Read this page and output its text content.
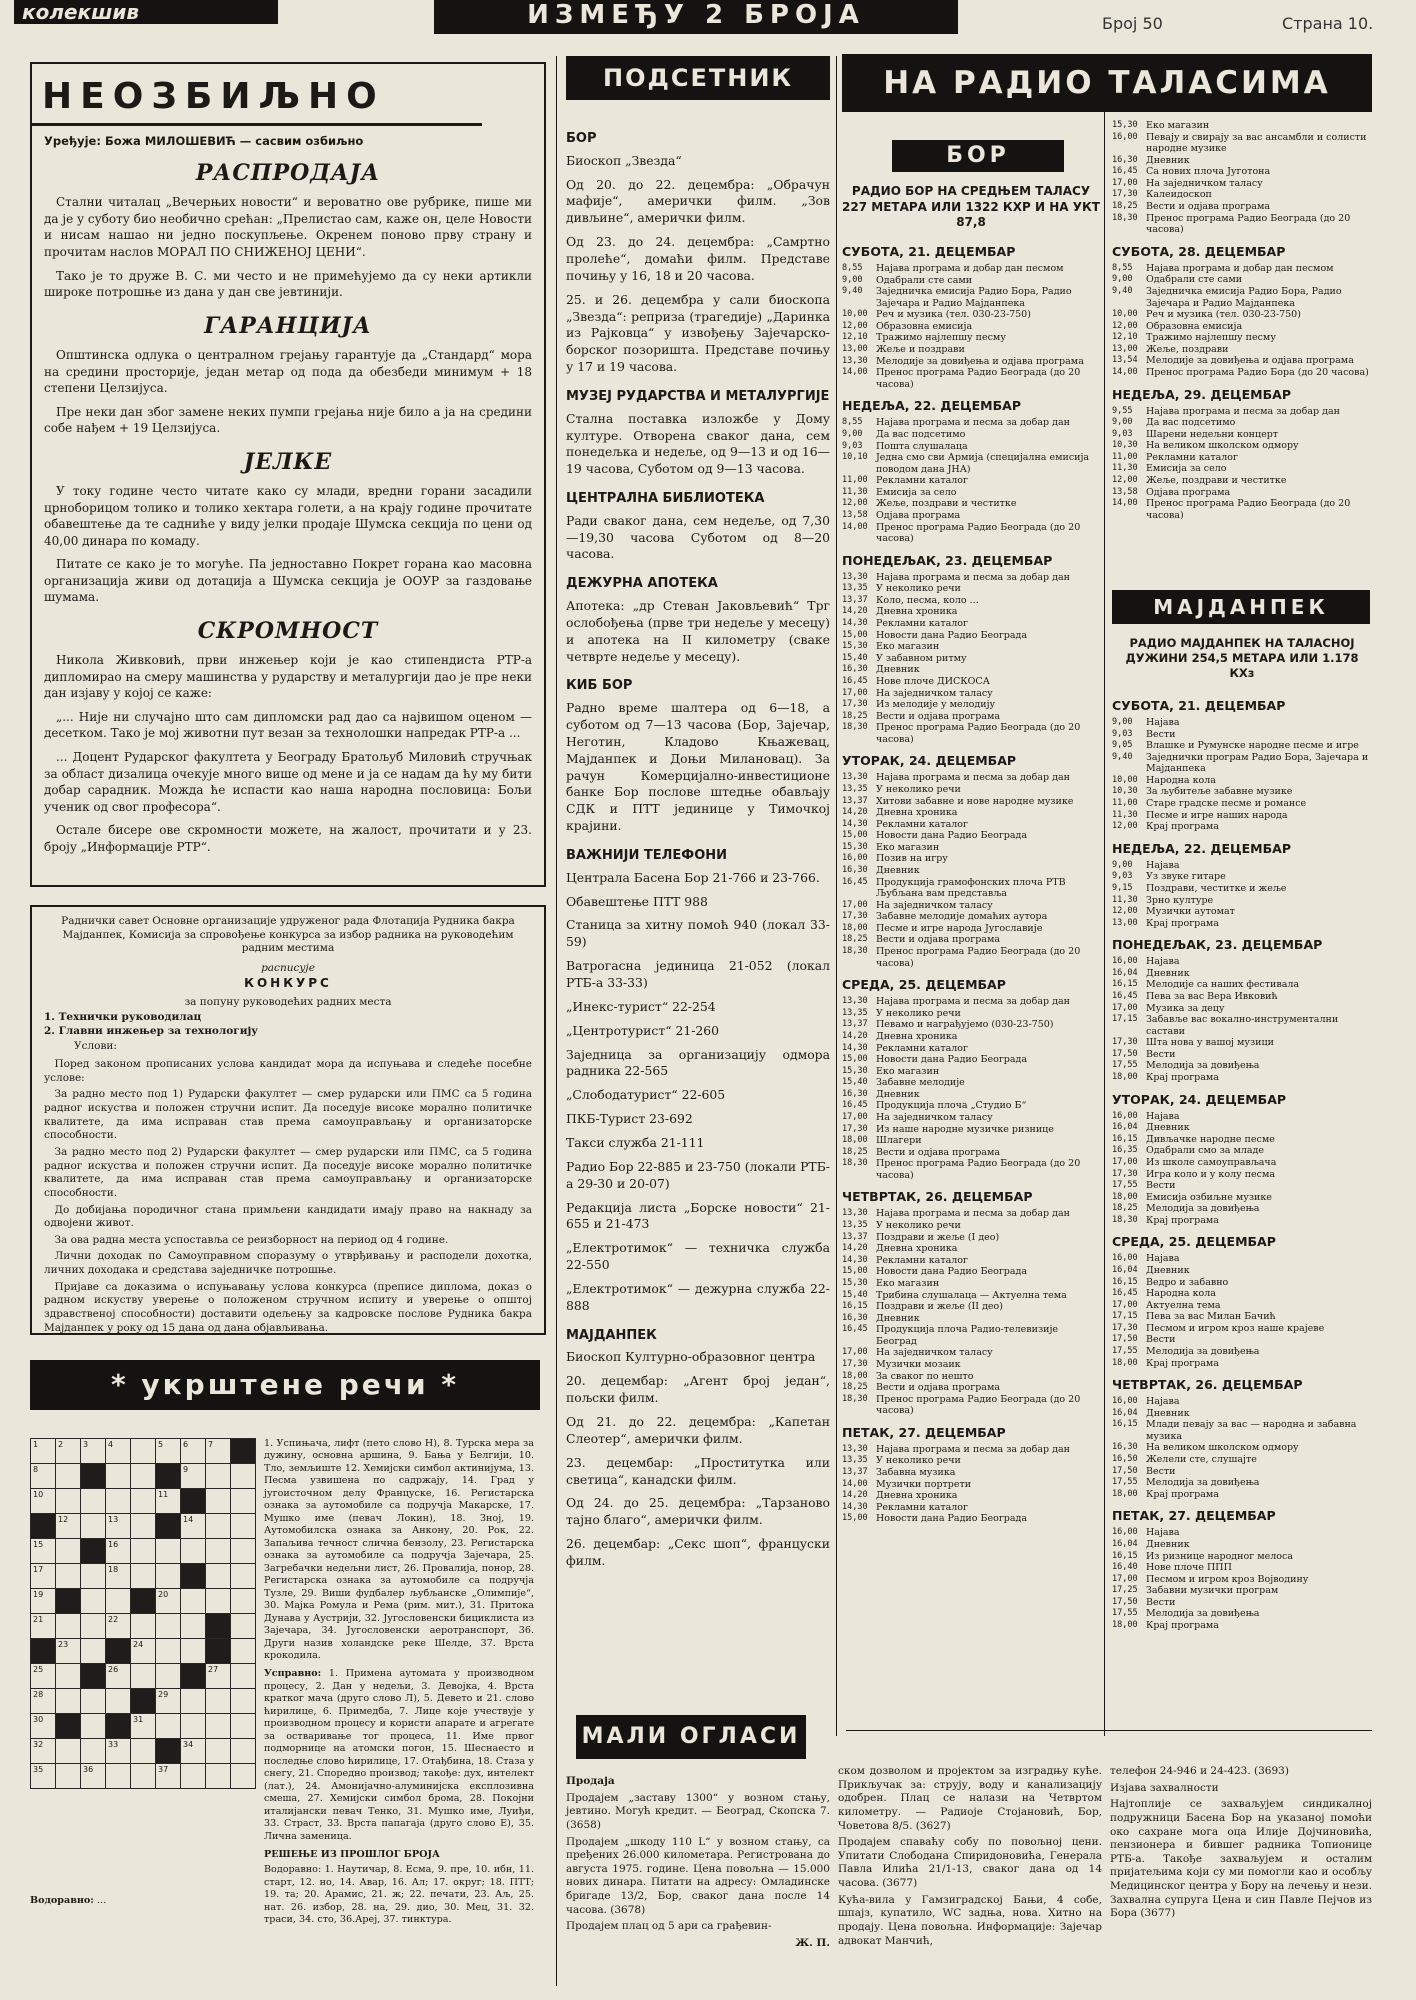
колекшив	ИЗМЕЂУ 2 БРОЈА	Број 50	Страна 10.
НЕОЗБИЉНО
Уређује: Божа МИЛОШЕВИЋ — сасвим озбиљно
РАСПРОДАЈА

 Стални читалац „Вечерњих новости“ и вероватно ове рубрике, пише ми да је у суботу био необично срећан: „Прелистао сам, каже он, целе Новости и нисам нашао ни једно поскупљење. Окренем поново прву страну и прочитам наслов МОРАЛ ПО СНИЖЕНОЈ ЦЕНИ“.

 Тако је то друже В. С. ми често и не примећујемо да су неки артикли широке потрошње из дана у дан све јевтинији.

ГАРАНЦИЈА

 Општинска одлука о централном грејању гарантује да „Стандард“ мора на средини просторије, један метар од пода да обезбеди минимум + 18 степени Целзијуса.

 Пре неки дан због замене неких пумпи грејања није било а ја на средини собе нађем + 19 Целзијуса.

ЈЕЛКЕ

 У току године често читате како су млади, вредни горани засадили црноборицом толико и толико хектара голети, а на крају године прочитате обавештење да те садниће у виду јелки продаје Шумска секција по цени од 40,00 динара по комаду.

 Питате се како је то могуће. Па једноставно Покрет горана као масовна организација живи од дотација а Шумска секција је ООУР за газдовање шумама.

СКРОМНОСТ

 Никола Живковић, први инжењер који је као стипендиста РТР-а дипломирао на смеру машинства у рударству и металургији дао је пре неки дан изјаву у којој се каже:

 „... Није ни случајно што сам дипломски рад дао са највишом оценом — десетком. Тако је мој животни пут везан за технолошки напредак РТР-а ...

 ... Доцент Рударског факултета у Београду Братољуб Миловић стручњак за област дизалица очекује много више од мене и ја се надам да ћу му бити добар сарадник. Можда ће испасти као наша народна пословица: Бољи ученик од свог професора“.

 Остале бисере ове скромности можете, на жалост, прочитати и у 23. броју „Информације РТР“.

Раднички савет Основне организације удруженог рада Флотација Рудника бакра Мајданпек, Комисија за спровођење конкурса за избор радника на руководећим радним местима
расписује
КОНКУРС
за попуну руководећих радних места
1. Технички руководилац
2. Главни инжењер за технологију
Услови:

 Поред законом прописаних услова кандидат мора да испуњава и следеће посебне услове:

 За радно место под 1) Рударски факултет — смер рударски или ПМС са 5 година радног искуства и положен стручни испит. Да поседује високе морално политичке квалитете, да има исправан став према самоуправљању и организаторске способности.

 За радно место под 2) Рударски факултет — смер рударски или ПМС, са 5 година радног искуства и положен стручни испит. Да поседује високе морално политичке квалитете, да има исправан став према самоуправљању и организаторске способности.

 До добијања породичног стана примљени кандидати имају право на накнаду за одвојени живот.

 За ова радна места успоставља се реизборност на период од 4 године.

 Лични доходак по Самоуправном споразуму о утврђивању и расподели дохотка, личних доходака и средстава заједничке потрошње.

 Пријаве са доказима о испуњавању услова конкурса (преписе диплома, доказ о радном искуству уверење о положеном стручном испиту и уверење о општој здравственој способности) доставити одељењу за кадровске послове Рудника бакра Мајданпек у року од 15 дана од дана објављивања.

* укрштене речи *
1	2	3	4		5	6	7	

8						9		

10					11			

	12		13			14		

15			16					

17			18					

19					20			

21			22					

	23			24				

25			26				27	

28					29			

30				31				

32			33			34		

35		36			37			

1. Успињача, лифт (пето слово Н), 8. Турска мера за дужину, основна аршина, 9. Бања у Белгији, 10. Тло, земљиште 12. Хемијски симбол актинијума, 13. Песма узвишена по садржају, 14. Град у југоисточном делу Француске, 16. Регистарска ознака за аутомобиле са подручја Макарске, 17. Мушко име (певач Локин), 18. Зној, 19. Аутомобилска ознака за Анкону, 20. Рок, 22. Запаљива течност слична бензолу, 23. Регистарска ознака за аутомобиле са подручја Зајечара, 25. Загребачки недељни лист, 26. Провалија, понор, 28. Регистарска ознака за аутомобиле са подручја Тузле, 29. Виши фудбалер љубљанске „Олимпије“, 30. Мајка Ромула и Рема (рим. мит.), 31. Притока Дунава у Аустрији, 32. Југословенски бициклиста из Зајечара, 34. Југословенски аеротранспорт, 36. Други назив холандске реке Шелде, 37. Врста крокодила.

Усправно: 1. Примена аутомата у производном процесу, 2. Дан у недељи, 3. Девојка, 4. Врста кратког мача (друго слово Л), 5. Девето и 21. слово ћирилице, 6. Примедба, 7. Лице које учествује у производном процесу и користи апарате и агрегате за остваривање тог процеса, 11. Име првог подморнице на атомски погон, 15. Шеснаесто и последње слово ћирилице, 17. Отађбина, 18. Стаза у снегу, 21. Спореднo производ; такође: дух, интелект (лат.), 24. Амонијачно-алуминијска експлозивна смеша, 27. Хемијски симбол брома, 28. Покојни италијански певач Тенко, 31. Мушко име, Луиђи, 33. Страст, 33. Врста папагаја (друго слово Е), 35. Лична заменица.

РЕШЕЊЕ ИЗ ПРОШЛОГ БРОЈА

Водоравно: 1. Наутичар, 8. Есма, 9. пре, 10. ибн, 11. старт, 12. но, 14. Авар, 16. Ал; 17. округ; 18. ПТТ; 19. та; 20. Арамис, 21. ж; 22. печати, 23. Аљ, 25. нат. 26. избор, 28. на, 29. дио, 30. Мец, 31. 32. траси, 34. сто, 36.Ареј, 37. тинктура.

Водоравно: …
ПОДСЕТНИК
БОР

Биоскоп „Звезда“

Од 20. до 22. децембра: „Обрачун мафије“, амерички филм. „Зов дивљине“, амерички филм.

Од 23. до 24. децембра: „Самртно пролеће“, домаћи филм. Представе почињу у 16, 18 и 20 часова.

25. и 26. децембра у сали биоскопа „Звезда“: реприза (трагедије) „Даринка из Рајковца“ у извођењу Зајечарско-борског позоришта. Представе почињу у 17 и 19 часова.

МУЗЕЈ РУДАРСТВА И МЕТАЛУРГИЈЕ

Стална поставка изложбе у Дому културе. Отворена сваког дана, сем понедељка и недеље, од 9—13 и од 16—19 часова, Суботом од 9—13 часова.

ЦЕНТРАЛНА БИБЛИОТЕКА

Ради сваког дана, сем недеље, од 7,30—19,30 часова Суботом од 8—20 часова.

ДЕЖУРНА АПОТЕКА

Апотека: „др Стеван Јаковљевић“ Трг ослобођења (прве три недеље у месецу) и апотека на II километру (сваке четврте недеље у месецу).

КИБ БОР

Радно време шалтера од 6—18, а суботом од 7—13 часова (Бор, Зајечар, Неготин, Кладово Књажевац, Мајданпек и Доњи Милановац). За рачун Комерцијално-инвестиционе банке Бор послове штедње обављају СДК и ПТТ јединице у Тимочкој крајини.

ВАЖНИЈИ ТЕЛЕФОНИ

Централа Басена Бор 21-766 и 23-766.

Обавештење ПТТ 988

Станица за хитну помоћ 940 (локал 33-59)

Ватрогасна јединица 21-052 (локал РТБ-а 33-33)

„Инекс-турист“ 22-254

„Центротурист“ 21-260

Заједница за организацију одмора радника 22-565

„Слободатурист“ 22-605

ПКБ-Турист 23-692

Такси служба 21-111

Радио Бор 22-885 и 23-750 (локали РТБ-а 29-30 и 20-07)

Редакција листа „Борске новости“ 21-655 и 21-473

„Електротимок“ — техничка служба 22-550

„Електротимок“ — дежурна служба 22-888

МАЈДАНПЕК

Биоскоп Културно-образовног центра

20. децембар: „Агент број један“, пољски филм.

Од 21. до 22. децембра: „Капетан Слеотер“, амерички филм.

23. децембар: „Проститутка или светица“, канадски филм.

Од 24. до 25. децембра: „Тарзаново тајно благо“, амерички филм.

26. децембар: „Секс шоп“, француски филм.

МАЛИ ОГЛАСИ

Продаја

Продајем „заставу 1300“ у возном стању, јевтино. Могућ кредит. — Београд, Скопска 7. (3658)

Продајем „шкоду 110 L“ у возном стању, са пређених 26.000 километара. Регистрована до августа 1975. године. Цена повољна — 15.000 нових динара. Питати на адресу: Омладинске бригаде 13/2, Бор, сваког дана после 14 часова. (3678)

Продајем плац од 5 ари са грађевин-

Ж. П.

ском дозволом и пројектом за изградњу куће. Прикључак за: струју, воду и канализацију одобрен. Плац се налази на Четвртом километру. — Радиоје Стојановић, Бор, Човетова 8/5. (3627)

Продајем спаваћу собу по повољној цени. Упитати Слободана Спиридоновића, Генерала Павла Илића 21/1-13, сваког дана од 14 часова. (3677)

Кућа-вила у Гамзиградској Бањи, 4 собе, шпајз, купатило, WC задња, нова. Хитно на продају. Цена повољна. Информације: Зајечар адвокат Манчић,

телефон 24-946 и 24-423. (3693)

Изјава захвалности

Најтоплије се захваљујем синдикалној подружници Басена Бор на указаној помоћи око сахране мога оца Илије Дојчиновића, пензионера и бившег радника Топионице РТБ-а. Такође захваљујем и осталим пријатељима који су ми помогли као и особљу Медицинског центра у Бору на лечењу и нези. Захвална супруга Цена и син Павле Пејчов из Бора (3677)

НА РАДИО ТАЛАСИМА
БОР
РАДИО БОР НА СРЕДЊЕМ ТАЛАСУ 227 МЕТАРА ИЛИ 1322 КХР И НА УКТ 87,8
СУБОТА, 21. ДЕЦЕМБАР
8,55	Најава програма и добар дан песмом
9,00	Одабрали сте сами
9,40	Заједничка емисија Радио Бора, Радио Зајечара и Радио Мајданпека
10,00 Реч и музика (тел. 030-23-750)
12,00 Образовна емисија
12,10 Тражимо најлепшу песму
13,00 Жеље и поздрави
13,30 Мелодије за довиђења и одјава програма
14,00 Пренос програма Радио Београда (до 20 часова)
НЕДЕЉА, 22. ДЕЦЕМБАР
8,55	Најава програма и песма за добар дан
9,00	Да вас подсетимо
9,03	Пошта слушалаца
10,10 Једна смо сви Армија (специјална емисија поводом дана ЈНА)
11,00 Рекламни каталог
11,30 Емисија за село
12,00 Жеље, поздрави и честитке
13,58 Одјава програма
14,00 Пренос програма Радио Београда (до 20 часова)
ПОНЕДЕЉАК, 23. ДЕЦЕМБАР
13,30 Најава програма и песма за добар дан
13,35 У неколико речи
13,37 Коло, песма, коло ...
14,20 Дневна хроника
14,30 Рекламни каталог
15,00 Новости дана Радио Београда
15,30 Еко магазин
15,40 У забавном ритму
16,30 Дневник
16,45 Нове плоче ДИСКОСА
17,00 На заједничком таласу
17,30 Из мелодије у мелодију
18,25 Вести и одјава програма
18,30 Пренос програма Радио Београда (до 20 часова)
УТОРАК, 24. ДЕЦЕМБАР
13,30 Најава програма и песма за добар дан
13,35 У неколико речи
13,37 Хитови забавне и нове народне музике
14,20 Дневна хроника
14,30 Рекламни каталог
15,00 Новости дана Радио Београда
15,30 Еко магазин
16,00 Позив на игру
16,30 Дневник
16,45 Продукција грамофонских плоча РТВ Љубљана вам представља
17,00 На заједничком таласу
17,30 Забавне мелодије домаћих аутора
18,00 Песме и игре народа Југославије
18,25 Вести и одјава програма
18,30 Пренос програма Радио Београда (до 20 часова)
СРЕДА, 25. ДЕЦЕМБАР
13,30 Најава програма и песма за добар дан
13,35 У неколико речи
13,37 Певамо и награђујемо (030-23-750)
14,20 Дневна хроника
14,30 Рекламни каталог
15,00 Новости дана Радио Београда
15,30 Еко магазин
15,40 Забавне мелодије
16,30 Дневник
16,45 Продукција плоча „Студио Б“
17,00 На заједничком таласу
17,30 Из наше народне музичке ризнице
18,00 Шлагери
18,25 Вести и одјава програма
18,30 Пренос програма Радио Београда (до 20 часова)
ЧЕТВРТАК, 26. ДЕЦЕМБАР
13,30 Најава програма и песма за добар дан
13,35 У неколико речи
13,37 Поздрави и жеље (I део)
14,20 Дневна хроника
14,30 Рекламни каталог
15,00 Новости дана Радио Београда
15,30 Еко магазин
15,40 Трибина слушалаца — Актуелна тема
16,15 Поздрави и жеље (II део)
16,30 Дневник
16,45 Продукција плоча Радио-телевизије Београд
17,00 На заједничком таласу
17,30 Музички мозаик
18,00 За сваког по нешто
18,25 Вести и одјава програма
18,30 Пренос програма Радио Београда (до 20 часова)
ПЕТАК, 27. ДЕЦЕМБАР
13,30 Најава програма и песма за добар дан
13,35 У неколико речи
13,37 Забавна музика
14,00 Музички портрети
14,20 Дневна хроника
14,30 Рекламни каталог
15,00 Новости дана Радио Београда
15,30 Еко магазин
16,00 Певају и свирају за вас ансамбли и солисти народне музике
16,30 Дневник
16,45 Са нових плоча Југотона
17,00 На заједничком таласу
17,30 Калеидоскоп
18,25 Вести и одјава програма
18,30 Пренос програма Радио Београда (до 20 часова)
СУБОТА, 28. ДЕЦЕМБАР
8,55	Најава програма и добар дан песмом
9,00	Одабрали сте сами
9,40	Заједничка емисија Радио Бора, Радио Зајечара и Радио Мајданпека
10,00 Реч и музика (тел. 030-23-750)
12,00 Образовна емисија
12,10 Тражимо најлепшу песму
13,00 Жеље, поздрави
13,54 Мелодије за довиђења и одјава програма
14,00 Пренос програма Радио Бора (до 20 часова)
НЕДЕЉА, 29. ДЕЦЕМБАР
9,55	Најава програма и песма за добар дан
9,00	Да вас подсетимо
9,03	Шарени недељни концерт
10,30 На великом школском одмору
11,00 Рекламни каталог
11,30 Емисија за село
12,00 Жеље, поздрави и честитке
13,58 Одјава програма
14,00 Пренос програма Радио Београда (до 20 часова)
МАЈДАНПЕК
РАДИО МАЈДАНПЕК НА ТАЛАСНОЈ ДУЖИНИ 254,5 МЕТАРА ИЛИ 1.178 КХз
СУБОТА, 21. ДЕЦЕМБАР
9,00	Најава
9,03	Вести
9,05	Влашке и Румунске народне песме и игре
9,40	Заједнички програм Радио Бора, Зајечара и Мајданпека
10,00 Народна кола
10,30 За љубитеље забавне музике
11,00 Старе градске песме и романсе
11,30 Песме и игре наших народа
12,00 Крај програма
НЕДЕЉА, 22. ДЕЦЕМБАР
9,00	Најава
9,03	Уз звуке гитаре
9,15	Поздрави, честитке и жеље
11,30 Зрно културе
12,00 Музички аутомат
13,00 Крај програма
ПОНЕДЕЉАК, 23. ДЕЦЕМБАР
16,00 Најава
16,04 Дневник
16,15 Мелодије са наших фестивала
16,45 Пева за вас Вера Ивковић
17,00 Музика за децу
17,15 Забавље вас вокално-инструментални састави
17,30 Шта нова у вашој музици
17,50 Вести
17,55 Мелодија за довиђења
18,00 Крај програма
УТОРАК, 24. ДЕЦЕМБАР
16,00 Најава
16,04 Дневник
16,15 Дивљачке народне песме
16,35 Одабрали смо за младе
17,00 Из школе самоуправљача
17,30 Игра коло и у колу песма
17,55 Вести
18,00 Емисија озбиљне музике
18,25 Мелодија за довиђења
18,30 Крај програма
СРЕДА, 25. ДЕЦЕМБАР
16,00 Најава
16,04 Дневник
16,15 Ведро и забавно
16,45 Народна кола
17,00 Актуелна тема
17,15 Пева за вас Милан Бачић
17,30 Песмом и игром кроз наше крајеве
17,50 Вести
17,55 Мелодија за довиђења
18,00 Крај програма
ЧЕТВРТАК, 26. ДЕЦЕМБАР
16,00 Најава
16,04 Дневник
16,15 Млади певају за вас — народна и забавна музика
16,30 На великом школском одмору
16,50 Желели сте, слушајте
17,50 Вести
17,55 Мелодија за довиђења
18,00 Крај програма
ПЕТАК, 27. ДЕЦЕМБАР
16,00 Најава
16,04 Дневник
16,15 Из ризнице народног мелоса
16,40 Нове плоче ППП
17,00 Песмом и игром кроз Војводину
17,25 Забавни музички програм
17,50 Вести
17,55 Мелодија за довиђења
18,00 Крај програма
